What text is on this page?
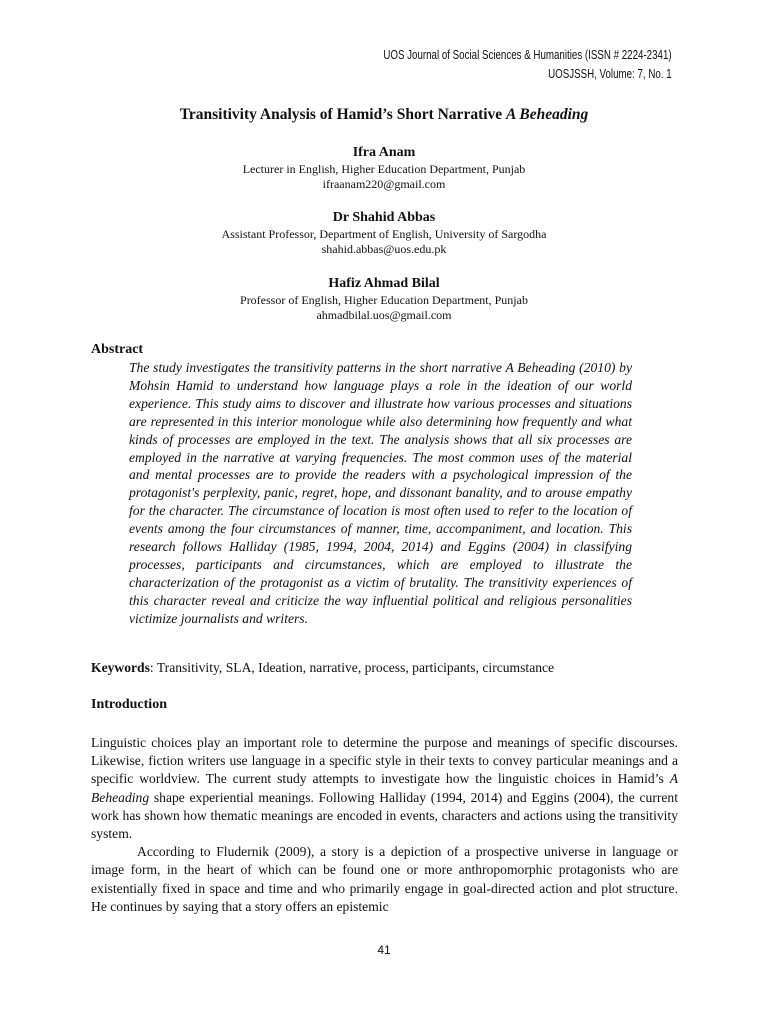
UOS Journal of Social Sciences & Humanities (ISSN # 2224-2341)
UOSJSSH, Volume: 7, No. 1
Transitivity Analysis of Hamid’s Short Narrative A Beheading
Ifra Anam
Lecturer in English, Higher Education Department, Punjab
ifraanam220@gmail.com
Dr Shahid Abbas
Assistant Professor, Department of English, University of Sargodha
shahid.abbas@uos.edu.pk
Hafiz Ahmad Bilal
Professor of English, Higher Education Department, Punjab
ahmadbilal.uos@gmail.com
Abstract
The study investigates the transitivity patterns in the short narrative A Beheading (2010) by Mohsin Hamid to understand how language plays a role in the ideation of our world experience. This study aims to discover and illustrate how various processes and situations are represented in this interior monologue while also determining how frequently and what kinds of processes are employed in the text. The analysis shows that all six processes are employed in the narrative at varying frequencies. The most common uses of the material and mental processes are to provide the readers with a psychological impression of the protagonist's perplexity, panic, regret, hope, and dissonant banality, and to arouse empathy for the character. The circumstance of location is most often used to refer to the location of events among the four circumstances of manner, time, accompaniment, and location. This research follows Halliday (1985, 1994, 2004, 2014) and Eggins (2004) in classifying processes, participants and circumstances, which are employed to illustrate the characterization of the protagonist as a victim of brutality. The transitivity experiences of this character reveal and criticize the way influential political and religious personalities victimize journalists and writers.
Keywords: Transitivity, SLA, Ideation, narrative, process, participants, circumstance
Introduction

Linguistic choices play an important role to determine the purpose and meanings of specific discourses. Likewise, fiction writers use language in a specific style in their texts to convey particular meanings and a specific worldview. The current study attempts to investigate how the linguistic choices in Hamid’s A Beheading shape experiential meanings. Following Halliday (1994, 2014) and Eggins (2004), the current work has shown how thematic meanings are encoded in events, characters and actions using the transitivity system.

According to Fludernik (2009), a story is a depiction of a prospective universe in language or image form, in the heart of which can be found one or more anthropomorphic protagonists who are existentially fixed in space and time and who primarily engage in goal-directed action and plot structure. He continues by saying that a story offers an epistemic

41
